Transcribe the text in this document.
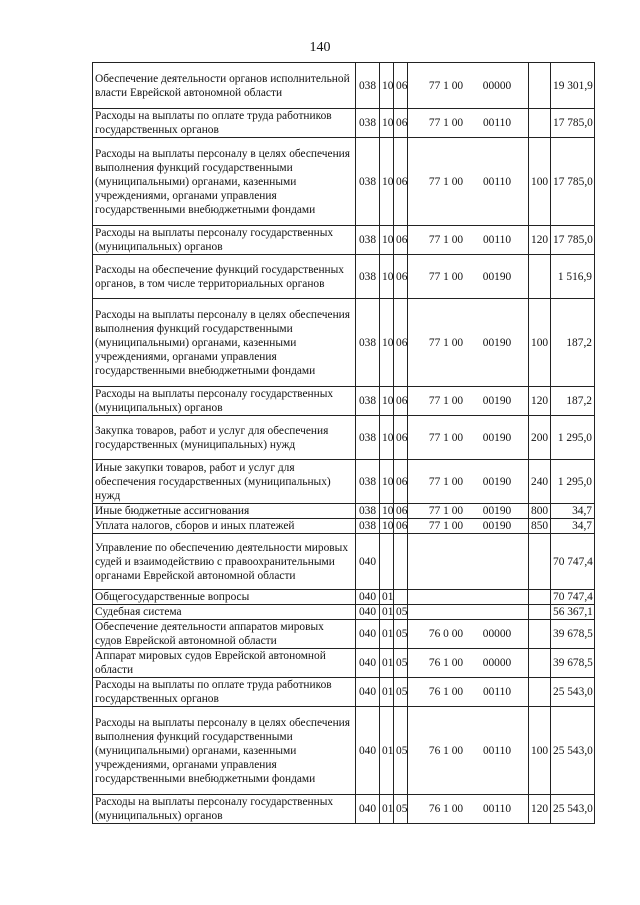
140
Обеспечение деятельности органов исполнительной власти Еврейской автономной области	038	10	06	77 1 00 00000		19 301,9
Расходы на выплаты по оплате труда работников государственных органов	038	10	06	77 1 00 00110		17 785,0
Расходы на выплаты персоналу в целях обеспечения выполнения функций государственными (муниципальными) органами, казенными учреждениями, органами управления государственными внебюджетными фондами	038	10	06	77 1 00 00110	100	17 785,0
Расходы на выплаты персоналу государственных (муниципальных) органов	038	10	06	77 1 00 00110	120	17 785,0
Расходы на обеспечение функций государственных органов, в том числе территориальных органов	038	10	06	77 1 00 00190		1 516,9
Расходы на выплаты персоналу в целях обеспечения выполнения функций государственными (муниципальными) органами, казенными учреждениями, органами управления государственными внебюджетными фондами	038	10	06	77 1 00 00190	100	187,2
Расходы на выплаты персоналу государственных (муниципальных) органов	038	10	06	77 1 00 00190	120	187,2
Закупка товаров, работ и услуг для обеспечения государственных (муниципальных) нужд	038	10	06	77 1 00 00190	200	1 295,0
Иные закупки товаров, работ и услуг для обеспечения государственных (муниципальных) нужд	038	10	06	77 1 00 00190	240	1 295,0
Иные бюджетные ассигнования	038	10	06	77 1 00 00190	800	34,7
Уплата налогов, сборов и иных платежей	038	10	06	77 1 00 00190	850	34,7
Управление по обеспечению деятельности мировых судей и взаимодействию с правоохранительными органами Еврейской автономной области	040					70 747,4
Общегосударственные вопросы	040	01				70 747,4
Судебная система	040	01	05			56 367,1
Обеспечение деятельности аппаратов мировых судов Еврейской автономной области	040	01	05	76 0 00 00000		39 678,5
Аппарат мировых судов Еврейской автономной области	040	01	05	76 1 00 00000		39 678,5
Расходы на выплаты по оплате труда работников государственных органов	040	01	05	76 1 00 00110		25 543,0
Расходы на выплаты персоналу в целях обеспечения выполнения функций государственными (муниципальными) органами, казенными учреждениями, органами управления государственными внебюджетными фондами	040	01	05	76 1 00 00110	100	25 543,0
Расходы на выплаты персоналу государственных (муниципальных) органов	040	01	05	76 1 00 00110	120	25 543,0
